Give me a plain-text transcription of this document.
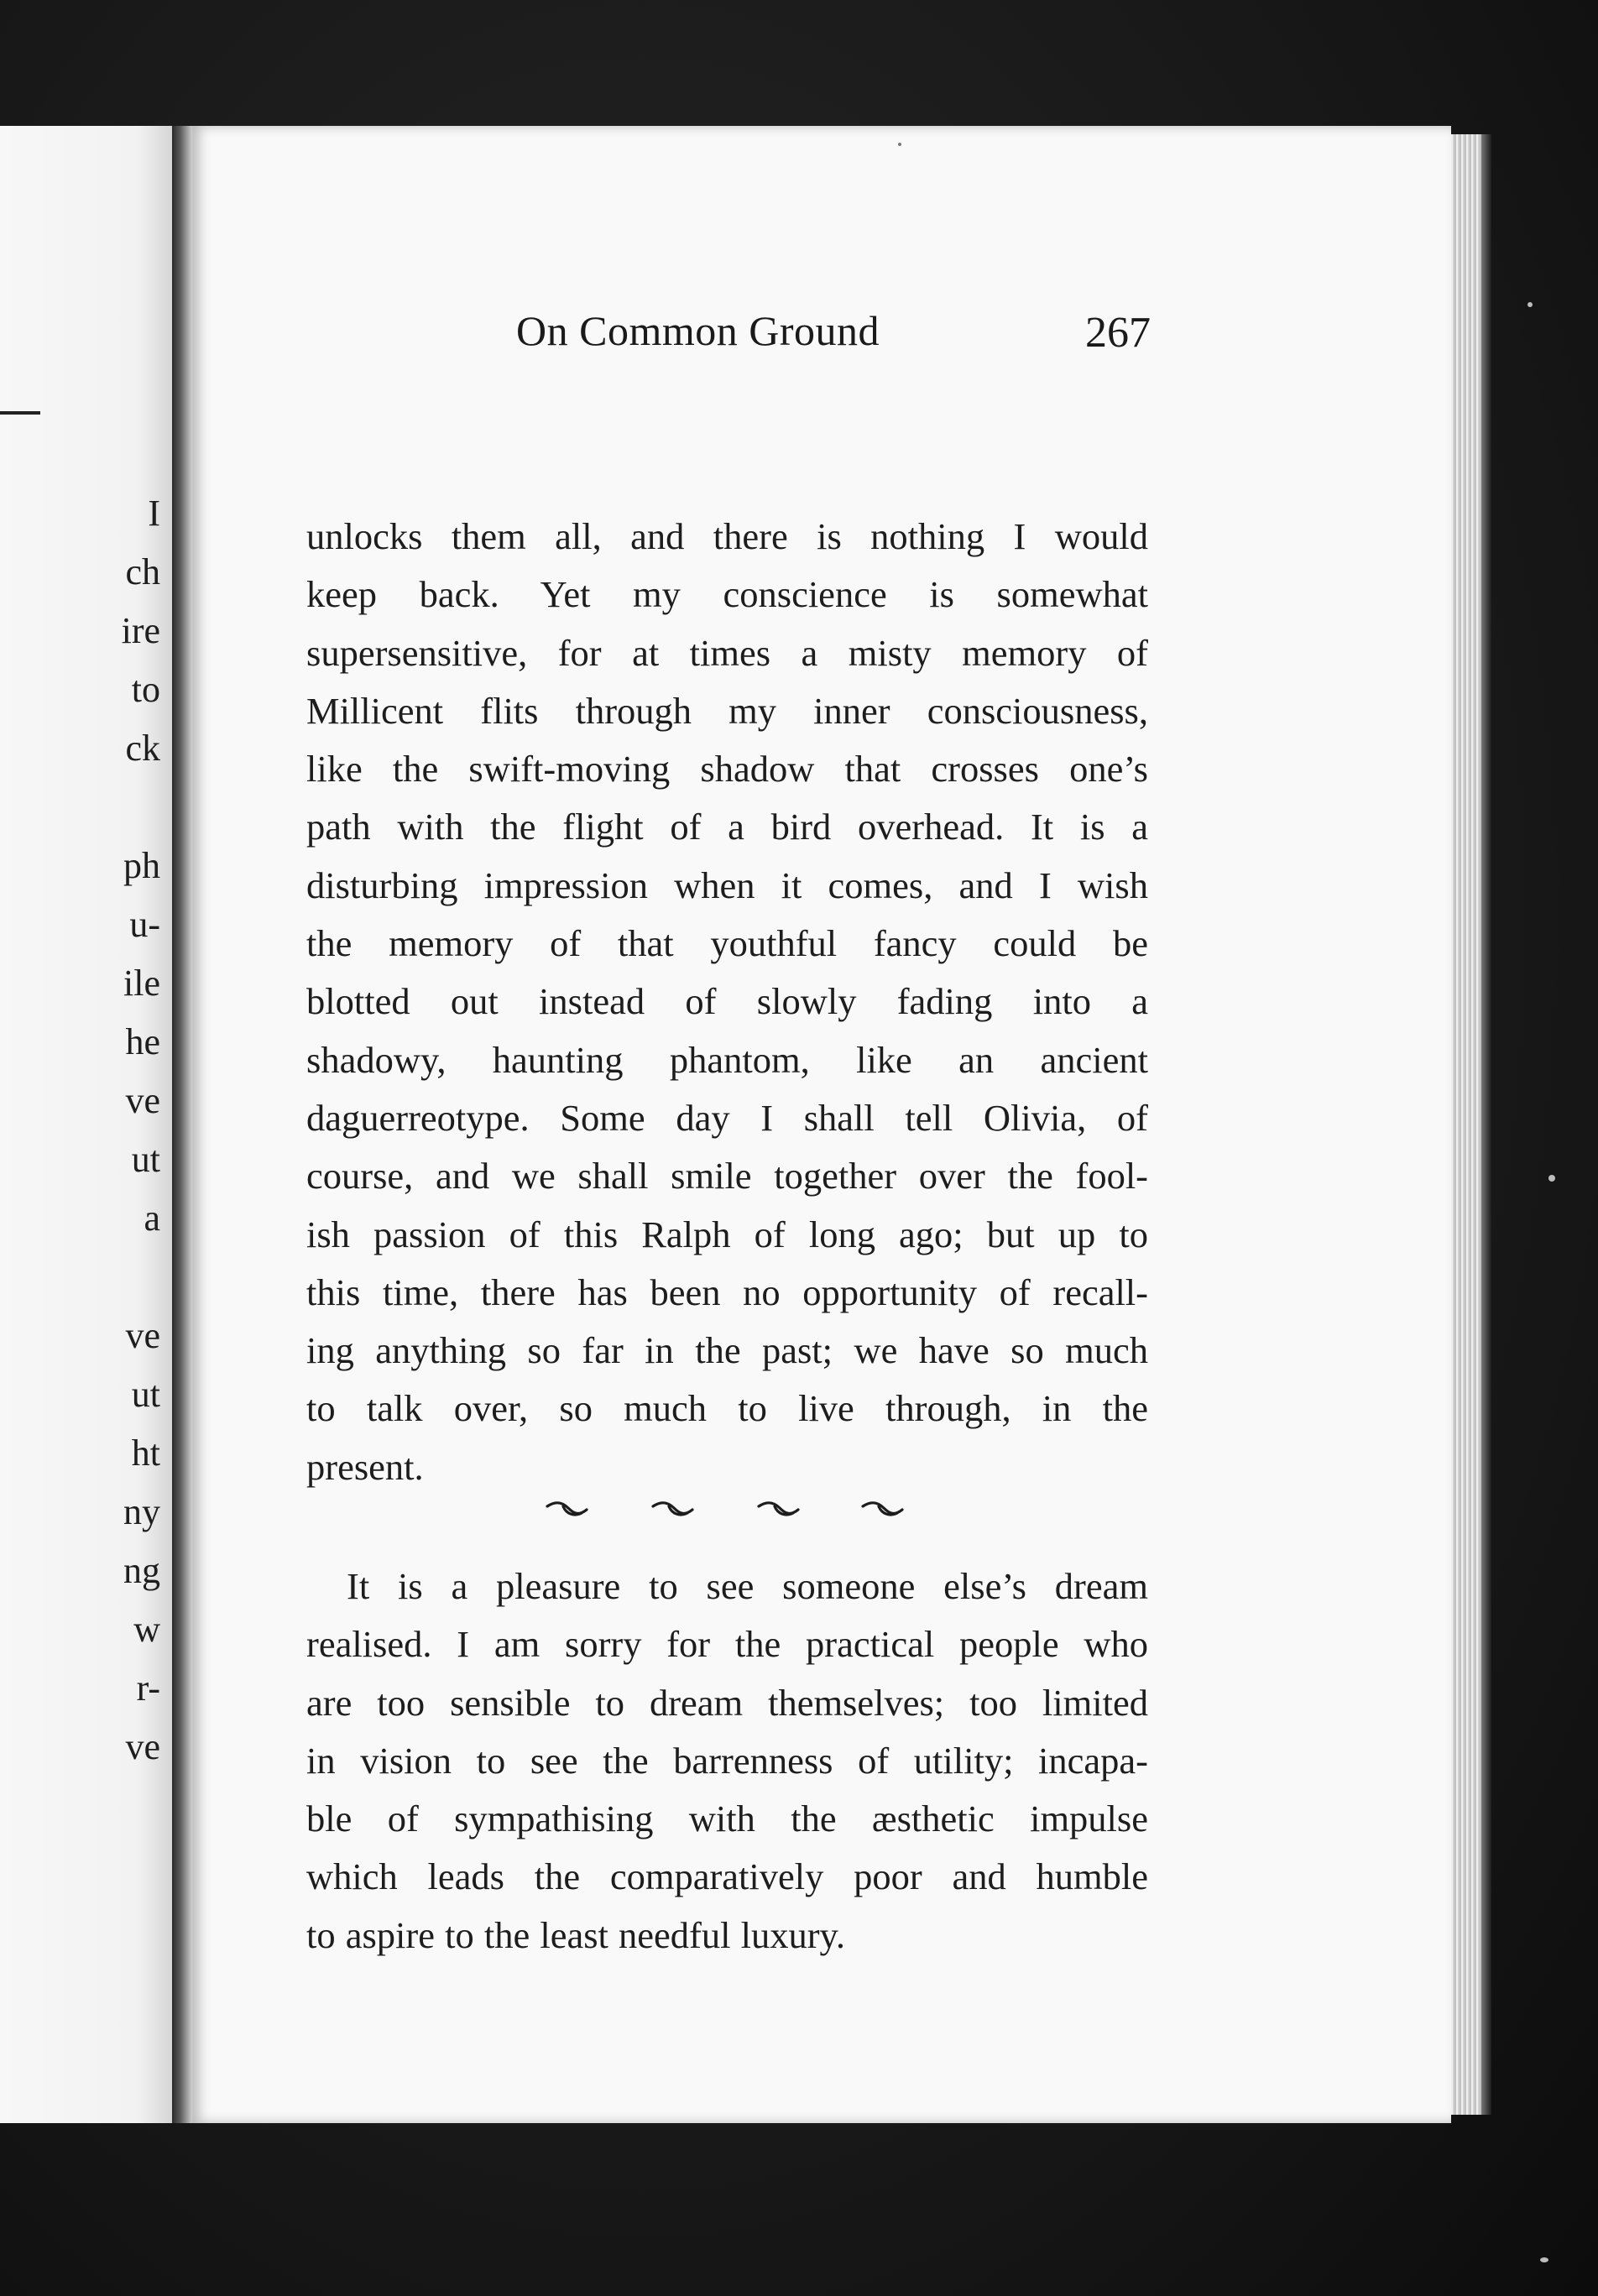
I
ch
ire
to
ck
ph
u-
ile
he
ve
ut
a
ve
ut
ht
ny
ng
w
r-
ve
On Common Ground	267
unlocks them all, and there is nothing I would
keep back. Yet my conscience is somewhat
supersensitive, for at times a misty memory of
Millicent flits through my inner consciousness,
like the swift-moving shadow that crosses one’s
path with the flight of a bird overhead. It is a
disturbing impression when it comes, and I wish
the memory of that youthful fancy could be
blotted out instead of slowly fading into a
shadowy, haunting phantom, like an ancient
daguerreotype. Some day I shall tell Olivia, of
course, and we shall smile together over the fool-
ish passion of this Ralph of long ago; but up to
this time, there has been no opportunity of recall-
ing anything so far in the past; we have so much
to talk over, so much to live through, in the
present.
It is a pleasure to see someone else’s dream
realised. I am sorry for the practical people who
are too sensible to dream themselves; too limited
in vision to see the barrenness of utility; incapa-
ble of sympathising with the æsthetic impulse
which leads the comparatively poor and humble
to aspire to the least needful luxury.
